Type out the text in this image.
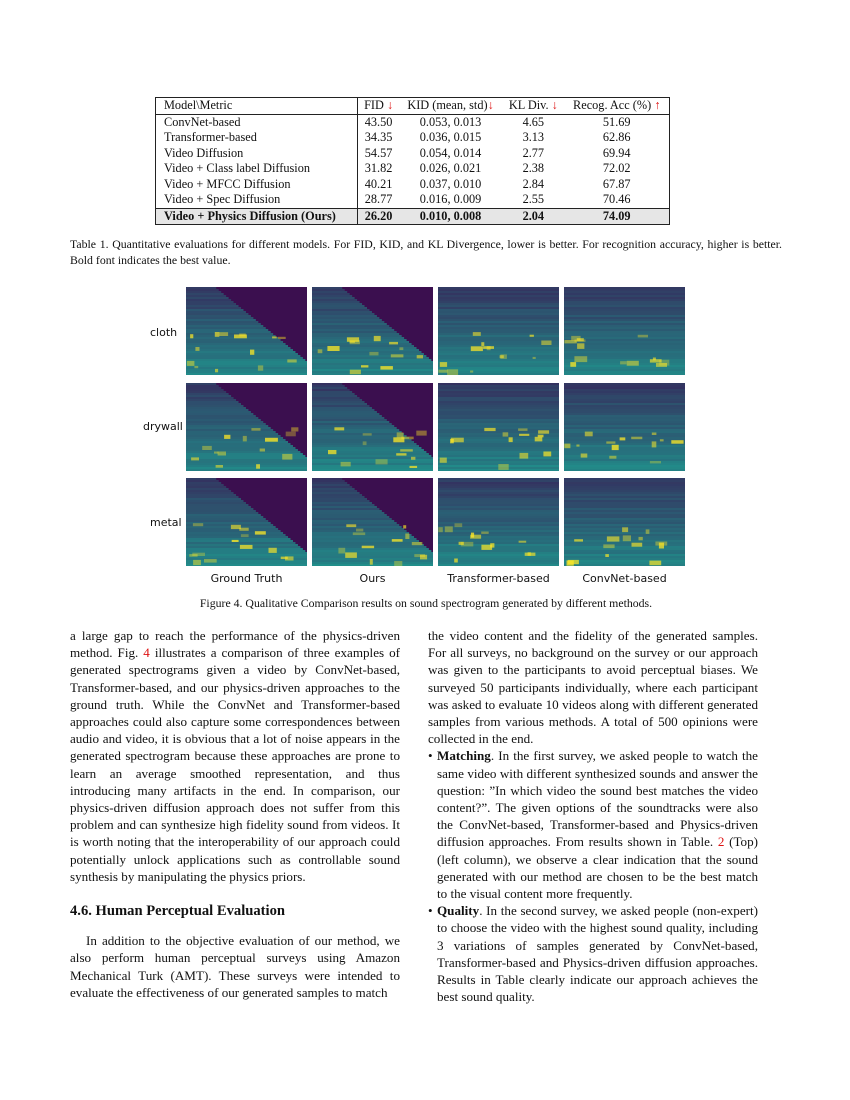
Model\Metric	FID ↓	KID (mean, std)↓	KL Div. ↓	Recog. Acc (%) ↑
ConvNet-based	43.50	0.053, 0.013	4.65	51.69
Transformer-based	34.35	0.036, 0.015	3.13	62.86
Video Diffusion	54.57	0.054, 0.014	2.77	69.94
Video + Class label Diffusion	31.82	0.026, 0.021	2.38	72.02
Video + MFCC Diffusion	40.21	0.037, 0.010	2.84	67.87
Video + Spec Diffusion	28.77	0.016, 0.009	2.55	70.46
Video + Physics Diffusion (Ours)	26.20	0.010, 0.008	2.04	74.09
Table 1. Quantitative evaluations for different models. For FID, KID, and KL Divergence, lower is better. For recognition accuracy, higher is better. Bold font indicates the best value.
cloth
drywall
metal
Ground Truth	Ours	Transformer-based	ConvNet-based
Figure 4. Qualitative Comparison results on sound spectrogram generated by different methods.

a large gap to reach the performance of the physics-driven method. Fig. 4 illustrates a comparison of three examples of generated spectrograms given a video by ConvNet-based, Transformer-based, and our physics-driven approaches to the ground truth. While the ConvNet and Transformer-based approaches could also capture some correspondences between audio and video, it is obvious that a lot of noise appears in the generated spectrogram because these approaches are prone to learn an average smoothed representation, and thus introducing many artifacts in the end. In comparison, our physics-driven diffusion approach does not suffer from this problem and can synthesize high fidelity sound from videos. It is worth noting that the interoperability of our approach could potentially unlock applications such as controllable sound synthesis by manipulating the physics priors.

4.6. Human Perceptual Evaluation

In addition to the objective evaluation of our method, we also perform human perceptual surveys using Amazon Mechanical Turk (AMT). These surveys were intended to evaluate the effectiveness of our generated samples to match

the video content and the fidelity of the generated samples. For all surveys, no background on the survey or our approach was given to the participants to avoid perceptual biases. We surveyed 50 participants individually, where each participant was asked to evaluate 10 videos along with different generated samples from various methods. A total of 500 opinions were collected in the end.

• Matching. In the first survey, we asked people to watch the same video with different synthesized sounds and answer the question: ”In which video the sound best matches the video content?”. The given options of the soundtracks were also the ConvNet-based, Transformer-based and Physics-driven diffusion approaches. From results shown in Table. 2 (Top) (left column), we observe a clear indication that the sound generated with our method are chosen to be the best match to the visual content more frequently.

• Quality. In the second survey, we asked people (non-expert) to choose the video with the highest sound quality, including 3 variations of samples generated by ConvNet-based, Transformer-based and Physics-driven diffusion approaches. Results in Table clearly indicate our approach achieves the best sound quality.
